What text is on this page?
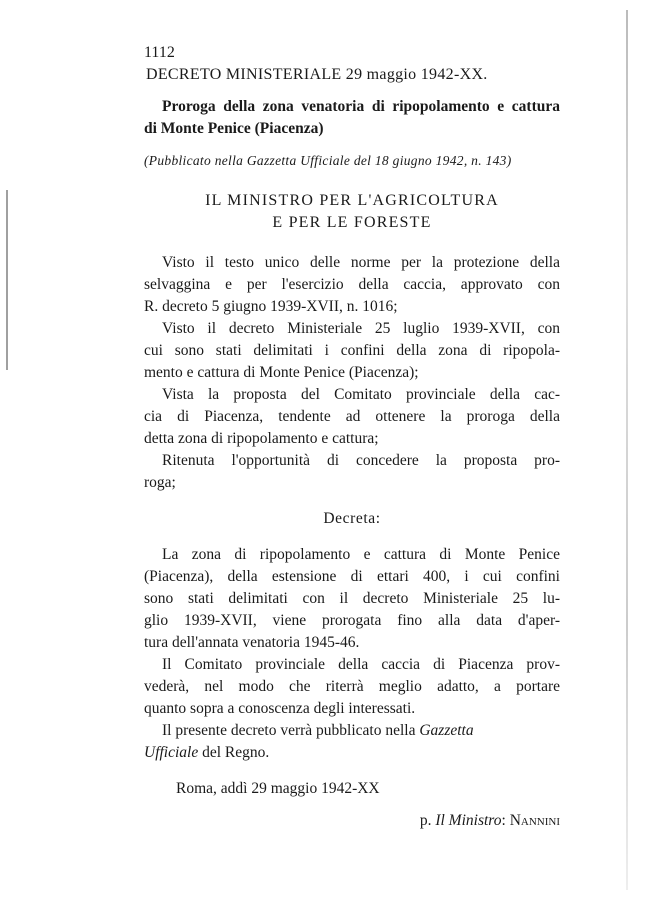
1112

DECRETO MINISTERIALE 29 maggio 1942-XX.

Proroga della zona venatoria di ripopolamento e cattura

di Monte Penice (Piacenza)

(Pubblicato nella Gazzetta Ufficiale del 18 giugno 1942, n. 143)

IL MINISTRO PER L'AGRICOLTURA

E PER LE FORESTE

Visto il testo unico delle norme per la protezione della

selvaggina e per l'esercizio della caccia, approvato con

R. decreto 5 giugno 1939-XVII, n. 1016;

Visto il decreto Ministeriale 25 luglio 1939-XVII, con

cui sono stati delimitati i confini della zona di ripopola-

mento e cattura di Monte Penice (Piacenza);

Vista la proposta del Comitato provinciale della cac-

cia di Piacenza, tendente ad ottenere la proroga della

detta zona di ripopolamento e cattura;

Ritenuta l'opportunità di concedere la proposta pro-

roga;

Decreta:

La zona di ripopolamento e cattura di Monte Penice

(Piacenza), della estensione di ettari 400, i cui confini

sono stati delimitati con il decreto Ministeriale 25 lu-

glio 1939-XVII, viene prorogata fino alla data d'aper-

tura dell'annata venatoria 1945-46.

Il Comitato provinciale della caccia di Piacenza prov-

vederà, nel modo che riterrà meglio adatto, a portare

quanto sopra a conoscenza degli interessati.

Il presente decreto verrà pubblicato nella Gazzetta

Ufficiale del Regno.

Roma, addì 29 maggio 1942-XX

p. Il Ministro: Nannini
